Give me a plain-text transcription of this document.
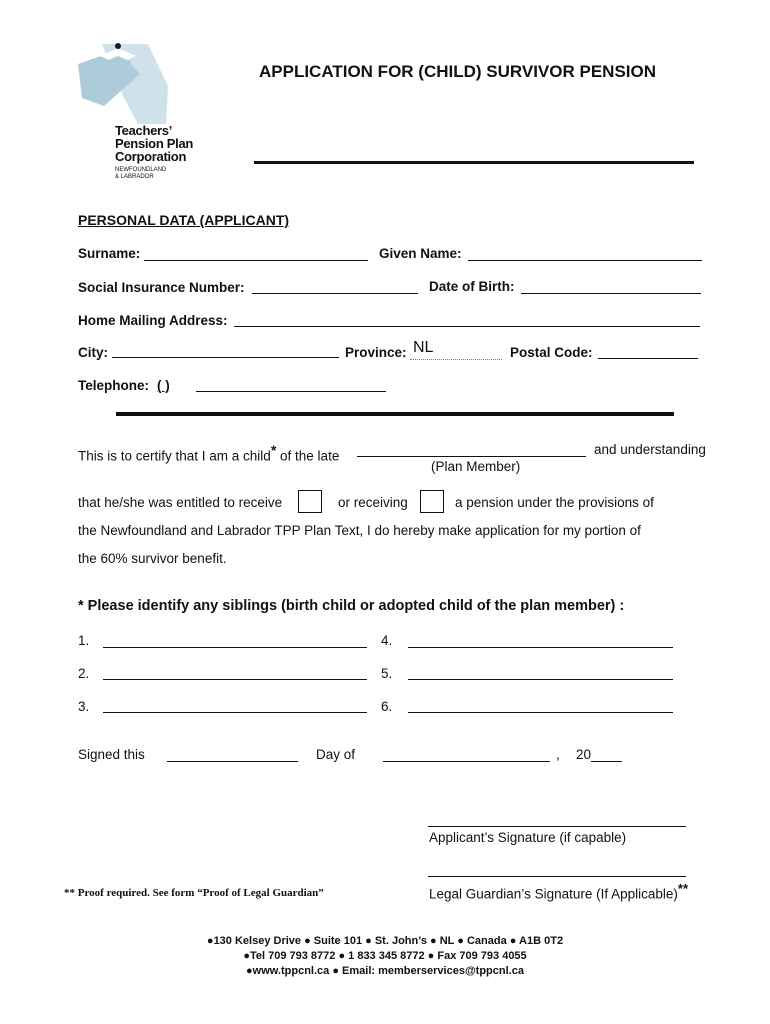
Teachers’
Pension Plan
Corporation
NEWFOUNDLAND
& LABRADOR
APPLICATION FOR (CHILD) SURVIVOR PENSION
PERSONAL DATA (APPLICANT)
Surname:	Given Name:
Social Insurance Number:	Date of Birth:
Home Mailing Address:
City:	Province: NL	Postal Code:
Telephone: ( )
This is to certify that I am a child* of the late	and understanding
(Plan Member)
that he/she was entitled to receive	or receiving	a pension under the provisions of
the Newfoundland and Labrador TPP Plan Text, I do hereby make application for my portion of
the 60% survivor benefit.
* Please identify any siblings (birth child or adopted child of the plan member) :
1.	4.
2.	5.
3.	6.
Signed this	Day of	, 20
Applicant’s Signature (if capable)
Legal Guardian’s Signature (If Applicable)**
** Proof required. See form “Proof of Legal Guardian”
●130 Kelsey Drive ● Suite 101 ● St. John’s ● NL ● Canada ● A1B 0T2
●Tel 709 793 8772 ● 1 833 345 8772 ● Fax 709 793 4055
●www.tppcnl.ca ● Email: memberservices@tppcnl.ca
